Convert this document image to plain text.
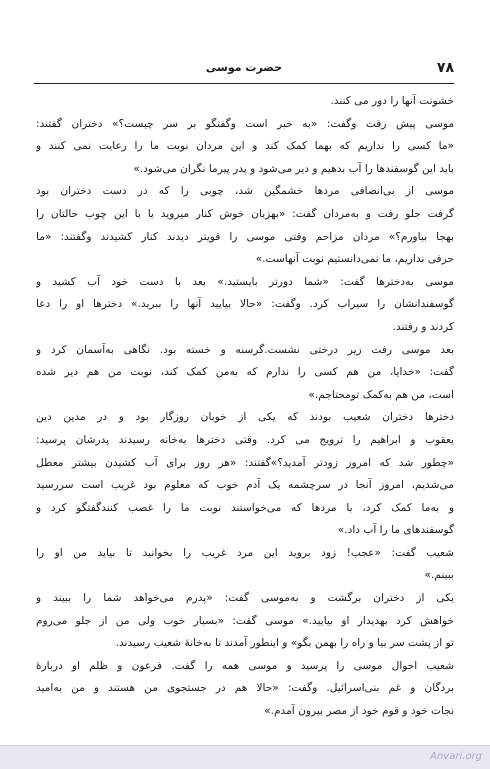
۷۸
حضرت موسی
خشونت آنها را دور می کنند.
موسی پیش رفت وگفت: «به خبر است وگفتگو بر سر چیست؟» دختران گفتند:
«ما کسی را نداریم که بهما کمک کند و این مردان نوبت ما را رعایت نمی کنند و
باید این گوسفندها را آب بدهیم و دیر می‌شود و پدر پیرما نگران می‌شود.»
موسی از بی‌انصافی مردها خشمگین شد، چوبی را که در دست دختران بود
گرفت جلو رفت و به‌مردان گفت: «بهزبان خوش کنار میروید یا با این چوب حالتان را
بهجا بیاورم؟» مردان مزاحم وقتی موسی را قویتر دیدند کنار کشیدند وگفتند: «ما
حرفی نداریم، ما نمی‌دانستیم نوبت آنهاست.»
موسی به‌دخترها گفت: «شما دورتر بایستید.» بعد با دست خود آب کشید و
گوسفندانشان را سیراب کرد. وگفت: «حالا بیایید آنها را ببرید.» دخترها او را دعا
کردند و رفتند.
بعد موسی رفت زیر درختی نشست.گرسنه و خسته بود. نگاهی به‌آسمان کرد و
گفت: «خدایا، من هم کسی را ندارم که به‌من کمک کند، نوبت من هم دیر شده
است، من هم به‌کمک تومحتاجم.»
دخترها دختران شعیب بودند که یکی از خوبان روزگار بود و در مدین دین
یعقوب و ابراهیم را ترویج می کرد. وقتی دخترها به‌خانه رسیدند پدرشان پرسید:
«چطور شد که امروز زودتر آمدید؟»گفتند: «هر روز برای آب کشیدن بیشتر معطل
می‌شدیم، امروز آنجا در سرچشمه یک آدم خوب که معلوم بود غریب است سررسید
و به‌ما کمک کرد، با مردها که می‌خواستند نوبت ما را غصب کنندگفتگو کرد و
گوسفندهای ما را آب داد.»
شعیب گفت: «عجب! زود بروید این مرد غریب را بخوانید تا بیاید من او را
ببینم.»
یکی از دختران برگشت و به‌موسی گفت: «پدرم می‌خواهد شما را ببیند و
خواهش کرد بهدیدار او بیایید.» موسی گفت: «بسیار خوب ولی من از جلو می‌روم
تو از پشت سر بیا و راه را بهمن بگو» و اینطور آمدند تا به‌خانهٔ شعیب رسیدند.
شعیب احوال موسی را پرسید و موسی همه را گفت. فرعون و ظلم او دربارهٔ
بردگان و غم بنی‌اسرائیل. وگفت: «حالا هم در جستجوی من هستند و من به‌امید
نجات خود و قوم خود از مصر بیرون آمدم.»
Anvari.org
